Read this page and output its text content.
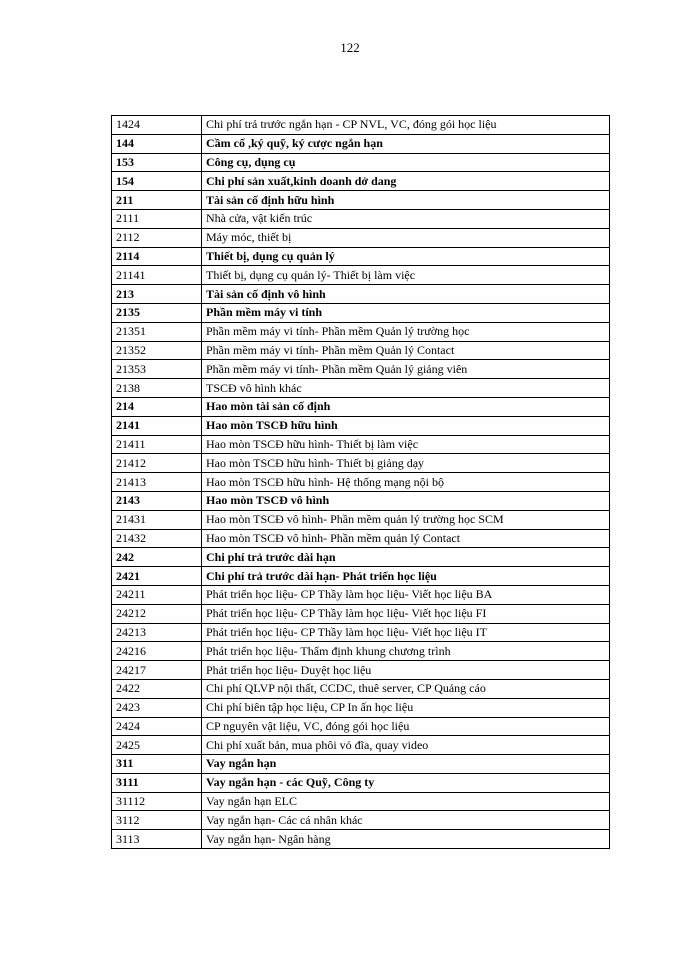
122
1424	Chi phí trả trước ngắn hạn - CP NVL, VC, đóng gói học liệu
144	Cầm cố ,ký quỹ, ký cược ngắn hạn
153	Công cụ, dụng cụ
154	Chi phí sản xuất,kinh doanh dở dang
211	Tài sản cố định hữu hình
2111	Nhà cửa, vật kiến trúc
2112	Máy móc, thiết bị
2114	Thiết bị, dụng cụ quản lý
21141	Thiết bị, dụng cụ quản lý- Thiết bị làm việc
213	Tài sản cố định vô hình
2135	Phần mềm máy vi tính
21351	Phần mềm máy vi tính- Phần mềm Quản lý trường học
21352	Phần mềm máy vi tính- Phần mềm Quản lý Contact
21353	Phần mềm máy vi tính- Phần mềm Quản lý giảng viên
2138	TSCĐ vô hình khác
214	Hao mòn tài sản cố định
2141	Hao mòn TSCĐ hữu hình
21411	Hao mòn TSCĐ hữu hình- Thiết bị làm việc
21412	Hao mòn TSCĐ hữu hình- Thiết bị giảng dạy
21413	Hao mòn TSCĐ hữu hình- Hệ thống mạng nội bộ
2143	Hao mòn TSCĐ vô hình
21431	Hao mòn TSCĐ vô hình- Phần mềm quản lý trường học SCM
21432	Hao mòn TSCĐ vô hình- Phần mềm quản lý Contact
242	Chi phí trả trước dài hạn
2421	Chi phí trả trước dài hạn- Phát triển học liệu
24211	Phát triển học liệu- CP Thầy làm học liệu- Viết học liệu BA
24212	Phát triển học liệu- CP Thầy làm học liệu- Viết học liệu FI
24213	Phát triển học liệu- CP Thầy làm học liệu- Viết học liệu IT
24216	Phát triển học liệu- Thẩm định khung chương trình
24217	Phát triển học liệu- Duyệt học liệu
2422	Chi phí QLVP nội thất, CCDC, thuê server, CP Quảng cáo
2423	Chi phí biên tập học liệu, CP In ấn học liệu
2424	CP nguyên vật liệu, VC, đóng gói học liệu
2425	Chi phí xuất bản, mua phôi vỏ đĩa, quay video
311	Vay ngắn hạn
3111	Vay ngắn hạn - các Quỹ, Công ty
31112	Vay ngắn hạn ELC
3112	Vay ngắn hạn- Các cá nhân khác
3113	Vay ngắn hạn- Ngân hàng
